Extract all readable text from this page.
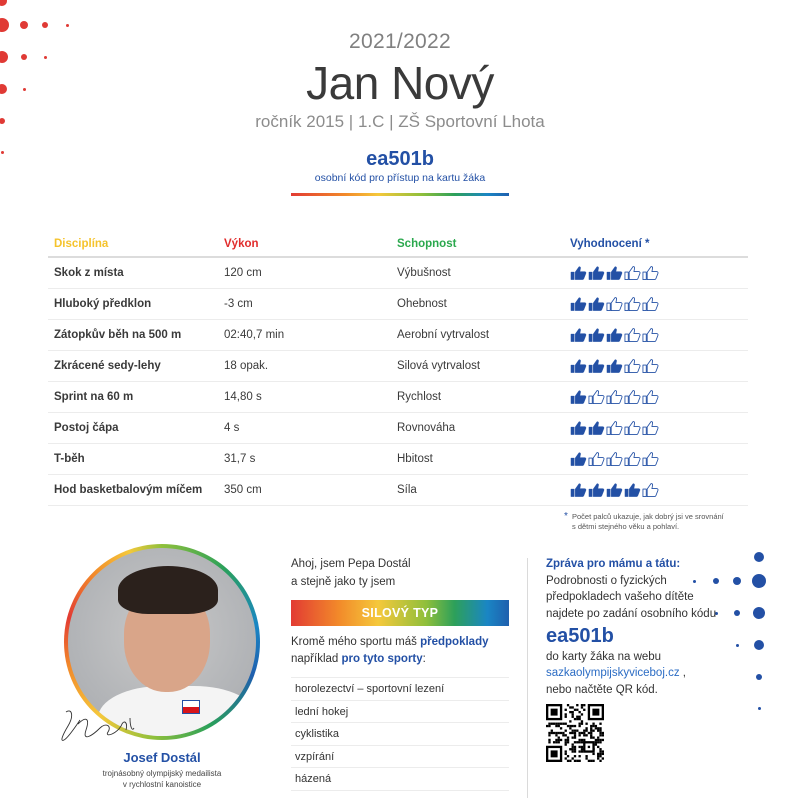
2021/2022
Jan Nový
ročník 2015 | 1.C | ZŠ Sportovní Lhota
ea501b
osobní kód pro přístup na kartu žáka
Disciplína	Výkon	Schopnost	Vyhodnocení *
Skok z místa	120 cm	Výbušnost
Hluboký předklon	-3 cm	Ohebnost
Zátopkův běh na 500 m	02:40,7 min	Aerobní vytrvalost
Zkrácené sedy-lehy	18 opak.	Silová vytrvalost
Sprint na 60 m	14,80 s	Rychlost
Postoj čápa	4 s	Rovnováha
T-běh	31,7 s	Hbitost
Hod basketbalovým míčem	350 cm	Síla
* Počet palců ukazuje, jak dobrý jsi ve srovnání
s dětmi stejného věku a pohlaví.
Josef Dostál
trojnásobný olympijský medailista
v rychlostní kanoistice
Ahoj, jsem Pepa Dostál
a stejně jako ty jsem
SILOVÝ TYP
Kromě mého sportu máš předpoklady
například pro tyto sporty:
horolezectví – sportovní lezení
lední hokej
cyklistika
vzpírání
házená
Zpráva pro mámu a tátu:
Podrobnosti o fyzických
předpokladech vašeho dítěte
najdete po zadání osobního kódu
ea501b
do karty žáka na webu
sazkaolympijskyviceboj.cz ,
nebo načtěte QR kód.
